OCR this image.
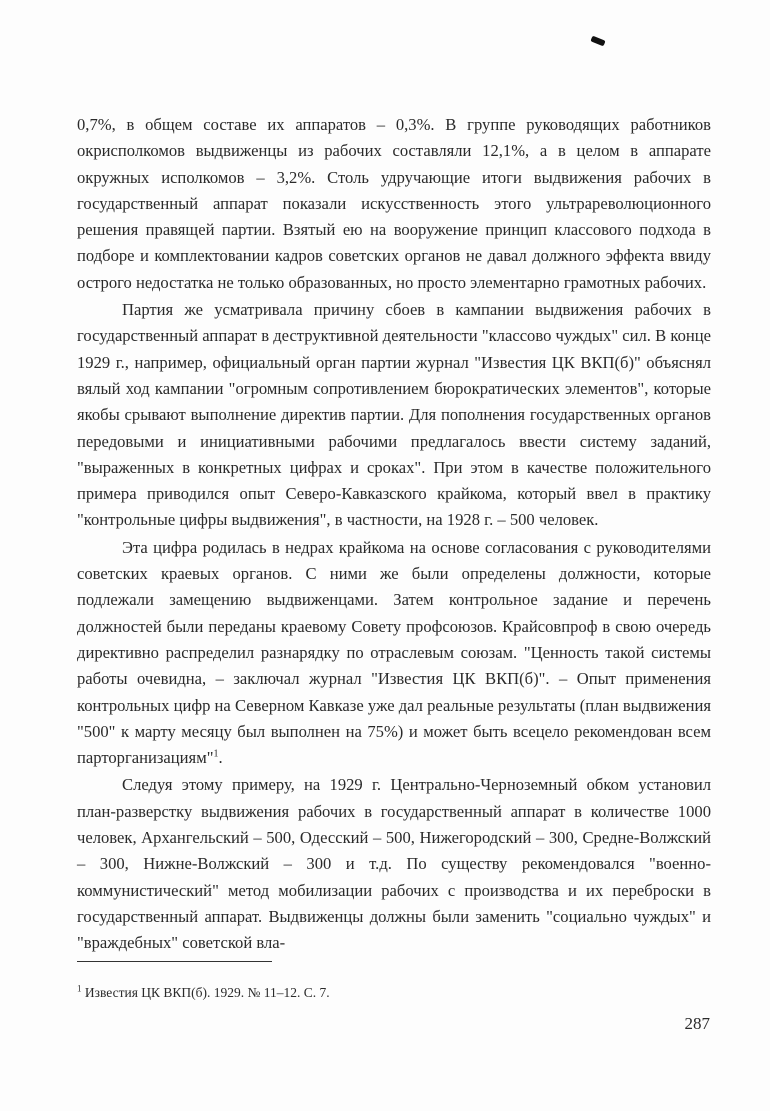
0,7%, в общем составе их аппаратов – 0,3%. В группе руководящих работников окрисполкомов выдвиженцы из рабочих составляли 12,1%, а в целом в аппарате окружных исполкомов – 3,2%. Столь удручающие итоги выдвижения рабочих в государственный аппарат показали искусственность этого ультрареволюционного решения правящей партии. Взятый ею на вооружение принцип классового подхода в подборе и комплектовании кадров советских органов не давал должного эффекта ввиду острого недостатка не только образованных, но просто элементарно грамотных рабочих.

Партия же усматривала причину сбоев в кампании выдвижения рабочих в государственный аппарат в деструктивной деятельности "классово чуждых" сил. В конце 1929 г., например, официальный орган партии журнал "Известия ЦК ВКП(б)" объяснял вялый ход кампании "огромным сопротивлением бюрократических элементов", которые якобы срывают выполнение директив партии. Для пополнения государственных органов передовыми и инициативными рабочими предлагалось ввести систему заданий, "выраженных в конкретных цифрах и сроках". При этом в качестве положительного примера приводился опыт Северо-Кавказского крайкома, который ввел в практику "контрольные цифры выдвижения", в частности, на 1928 г. – 500 человек.

Эта цифра родилась в недрах крайкома на основе согласования с руководителями советских краевых органов. С ними же были определены должности, которые подлежали замещению выдвиженцами. Затем контрольное задание и перечень должностей были переданы краевому Совету профсоюзов. Крайсовпроф в свою очередь директивно распределил разнарядку по отраслевым союзам. "Ценность такой системы работы очевидна, – заключал журнал "Известия ЦК ВКП(б)". – Опыт применения контрольных цифр на Северном Кавказе уже дал реальные результаты (план выдвижения "500" к марту месяцу был выполнен на 75%) и может быть всецело рекомендован всем парторганизациям"$^1$.

Следуя этому примеру, на 1929 г. Центрально-Черноземный обком установил план-разверстку выдвижения рабочих в государственный аппарат в количестве 1000 человек, Архангельский – 500, Одесский – 500, Нижегородский – 300, Средне-Волжский – 300, Нижне-Волжский – 300 и т.д. По существу рекомендовался "военно-коммунистический" метод мобилизации рабочих с производства и их переброски в государственный аппарат. Выдвиженцы должны были заменить "социально чуждых" и "враждебных" советской вла-

$^1$ Известия ЦК ВКП(б). 1929. № 11–12. С. 7.
287
